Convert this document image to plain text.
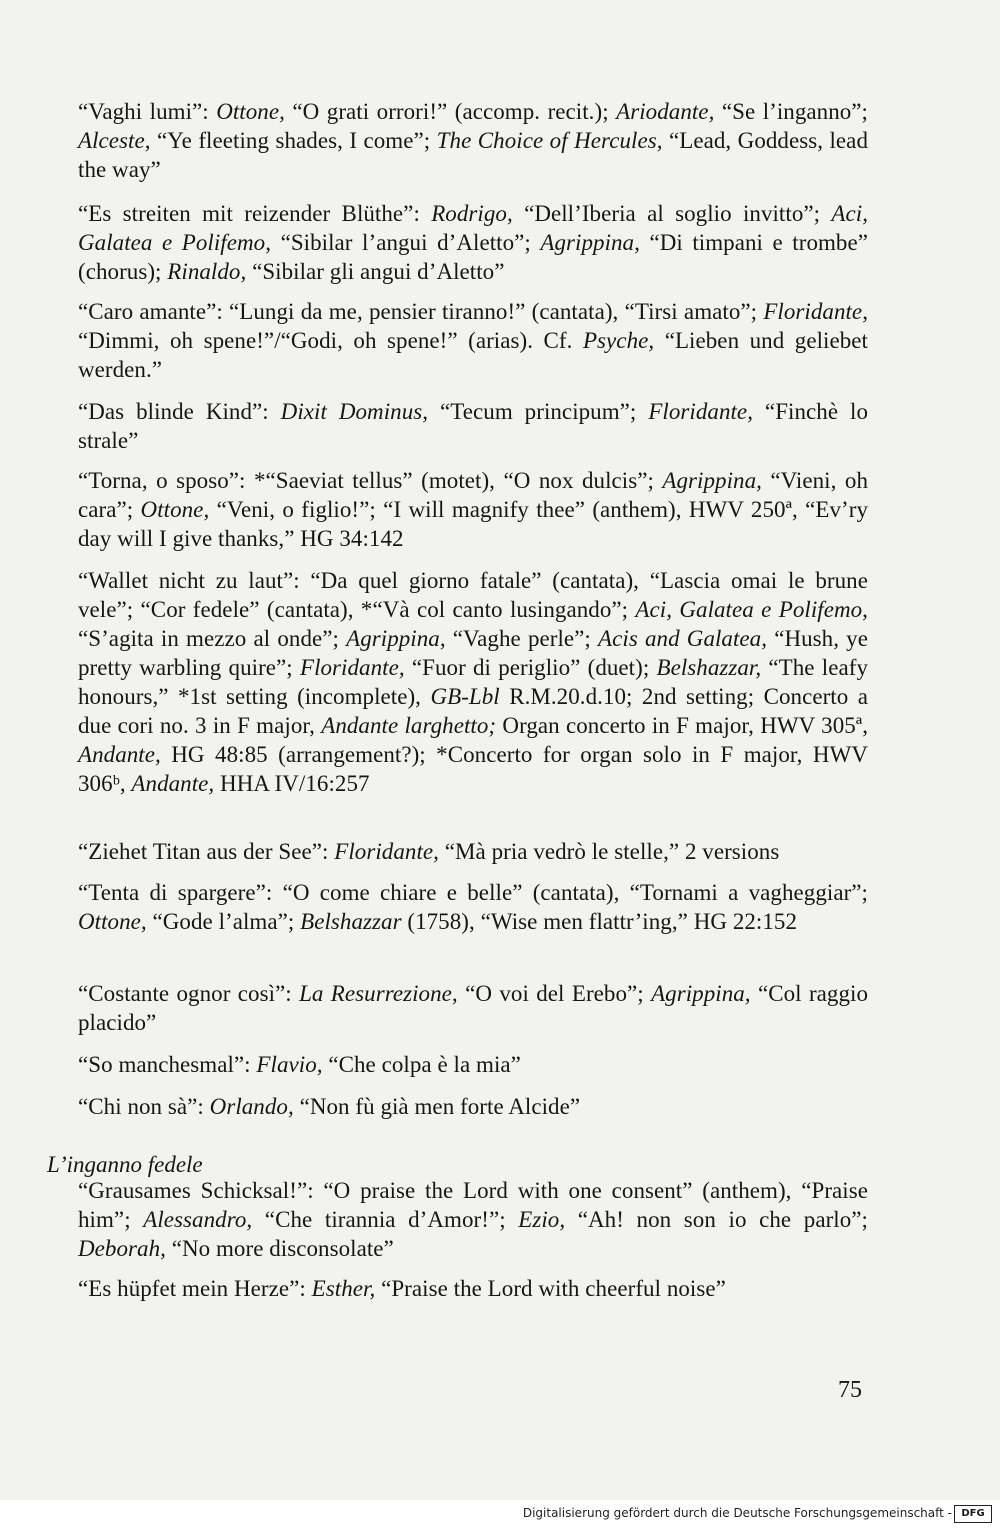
“Vaghi lumi”: Ottone, “O grati orrori!” (accomp. recit.); Ariodante, “Se l’inganno”; Alceste, “Ye fleeting shades, I come”; The Choice of Hercules, “Lead, Goddess, lead the way”
“Es streiten mit reizender Blüthe”: Rodrigo, “Dell’Iberia al soglio invitto”; Aci, Galatea e Polifemo, “Sibilar l’angui d’Aletto”; Agrippina, “Di timpani e trombe” (chorus); Rinaldo, “Sibilar gli angui d’Aletto”
“Caro amante”: “Lungi da me, pensier tiranno!” (cantata), “Tirsi amato”; Floridante, “Dimmi, oh spene!”/“Godi, oh spene!” (arias). Cf. Psyche, “Lieben und geliebet werden.”
“Das blinde Kind”: Dixit Dominus, “Tecum principum”; Floridante, “Finchè lo strale”
“Torna, o sposo”: *“Saeviat tellus” (motet), “O nox dulcis”; Agrippina, “Vieni, oh cara”; Ottone, “Veni, o figlio!”; “I will magnify thee” (anthem), HWV 250ª, “Ev’ry day will I give thanks,” HG 34:142
“Wallet nicht zu laut”: “Da quel giorno fatale” (cantata), “Lascia omai le brune vele”; “Cor fedele” (cantata), *“Và col canto lusingando”; Aci, Galatea e Polifemo, “S’agita in mezzo al onde”; Agrippina, “Vaghe perle”; Acis and Galatea, “Hush, ye pretty warbling quire”; Floridante, “Fuor di periglio” (duet); Belshazzar, “The leafy honours,” *1st setting (incomplete), GB-Lbl R.M.20.d.10; 2nd setting; Concerto a due cori no. 3 in F major, Andante larghetto; Organ concerto in F major, HWV 305ª, Andante, HG 48:85 (arrangement?); *Concerto for organ solo in F major, HWV 306ᵇ, Andante, HHA IV/16:257
“Ziehet Titan aus der See”: Floridante, “Mà pria vedrò le stelle,” 2 versions
“Tenta di spargere”: “O come chiare e belle” (cantata), “Tornami a vagheggiar”; Ottone, “Gode l’alma”; Belshazzar (1758), “Wise men flattr’ing,” HG 22:152
“Costante ognor così”: La Resurrezione, “O voi del Erebo”; Agrippina, “Col raggio placido”
“So manchesmal”: Flavio, “Che colpa è la mia”
“Chi non sà”: Orlando, “Non fù già men forte Alcide”
L’inganno fedele
“Grausames Schicksal!”: “O praise the Lord with one consent” (anthem), “Praise him”; Alessandro, “Che tirannia d’Amor!”; Ezio, “Ah! non son io che parlo”; Deborah, “No more disconsolate”
“Es hüpfet mein Herze”: Esther, “Praise the Lord with cheerful noise”
75
Digitalisierung gefördert durch die Deutsche Forschungsgemeinschaft - DFG
